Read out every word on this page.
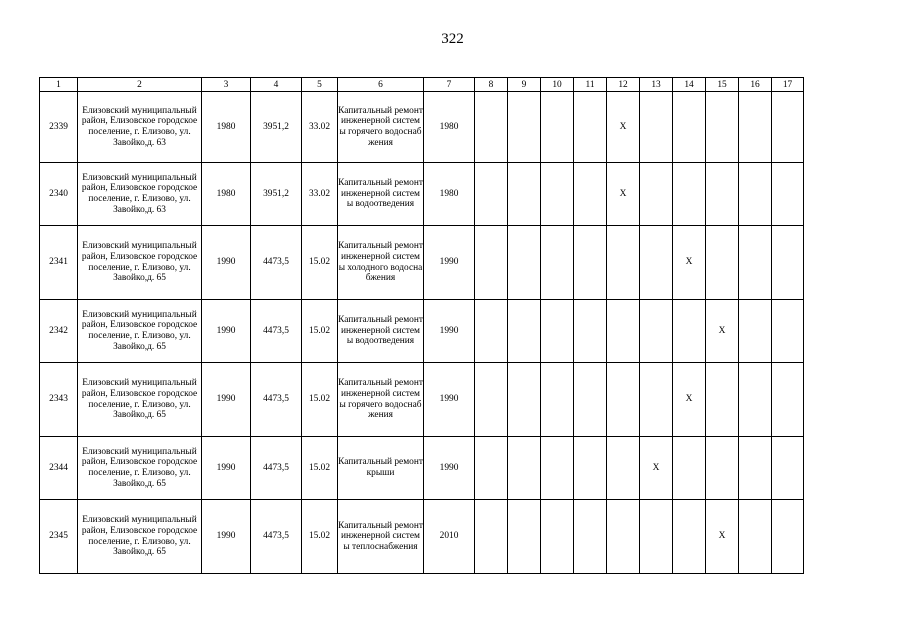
322
1	2	3	4	5	6	7	8	9	10	11	12	13	14	15	16	17
2339	Елизовский муниципальный район, Елизовское городское поселение, г. Елизово, ул. Завойко,д. 63	1980	3951,2	33.02	Капитальный ремонт инженерной системы горячего водоснабжения	1980					Х					
2340	Елизовский муниципальный район, Елизовское городское поселение, г. Елизово, ул. Завойко,д. 63	1980	3951,2	33.02	Капитальный ремонт инженерной системы водоотведения	1980					Х					
2341	Елизовский муниципальный район, Елизовское городское поселение, г. Елизово, ул. Завойко,д. 65	1990	4473,5	15.02	Капитальный ремонт инженерной системы холодного водоснабжения	1990							Х			
2342	Елизовский муниципальный район, Елизовское городское поселение, г. Елизово, ул. Завойко,д. 65	1990	4473,5	15.02	Капитальный ремонт инженерной системы водоотведения	1990								Х		
2343	Елизовский муниципальный район, Елизовское городское поселение, г. Елизово, ул. Завойко,д. 65	1990	4473,5	15.02	Капитальный ремонт инженерной системы горячего водоснабжения	1990							Х			
2344	Елизовский муниципальный район, Елизовское городское поселение, г. Елизово, ул. Завойко,д. 65	1990	4473,5	15.02	Капитальный ремонт крыши	1990						Х				
2345	Елизовский муниципальный район, Елизовское городское поселение, г. Елизово, ул. Завойко,д. 65	1990	4473,5	15.02	Капитальный ремонт инженерной системы теплоснабжения	2010								Х		
